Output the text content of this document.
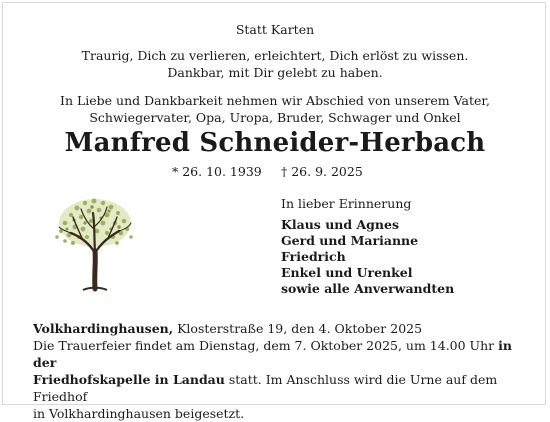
Statt Karten
Traurig, Dich zu verlieren, erleichtert, Dich erlöst zu wissen.
Dankbar, mit Dir gelebt zu haben.
In Liebe und Dankbarkeit nehmen wir Abschied von unserem Vater,
Schwiegervater, Opa, Uropa, Bruder, Schwager und Onkel
Manfred Schneider-Herbach
* 26. 10. 1939 † 26. 9. 2025
In lieber Erinnerung
Klaus und Agnes
Gerd und Marianne
Friedrich
Enkel und Urenkel
sowie alle Anverwandten
Volkhardinghausen, Klosterstraße 19, den 4. Oktober 2025
Die Trauerfeier findet am Dienstag, dem 7. Oktober 2025, um 14.00 Uhr in der
Friedhofskapelle in Landau statt. Im Anschluss wird die Urne auf dem Friedhof
in Volkhardinghausen beigesetzt.
